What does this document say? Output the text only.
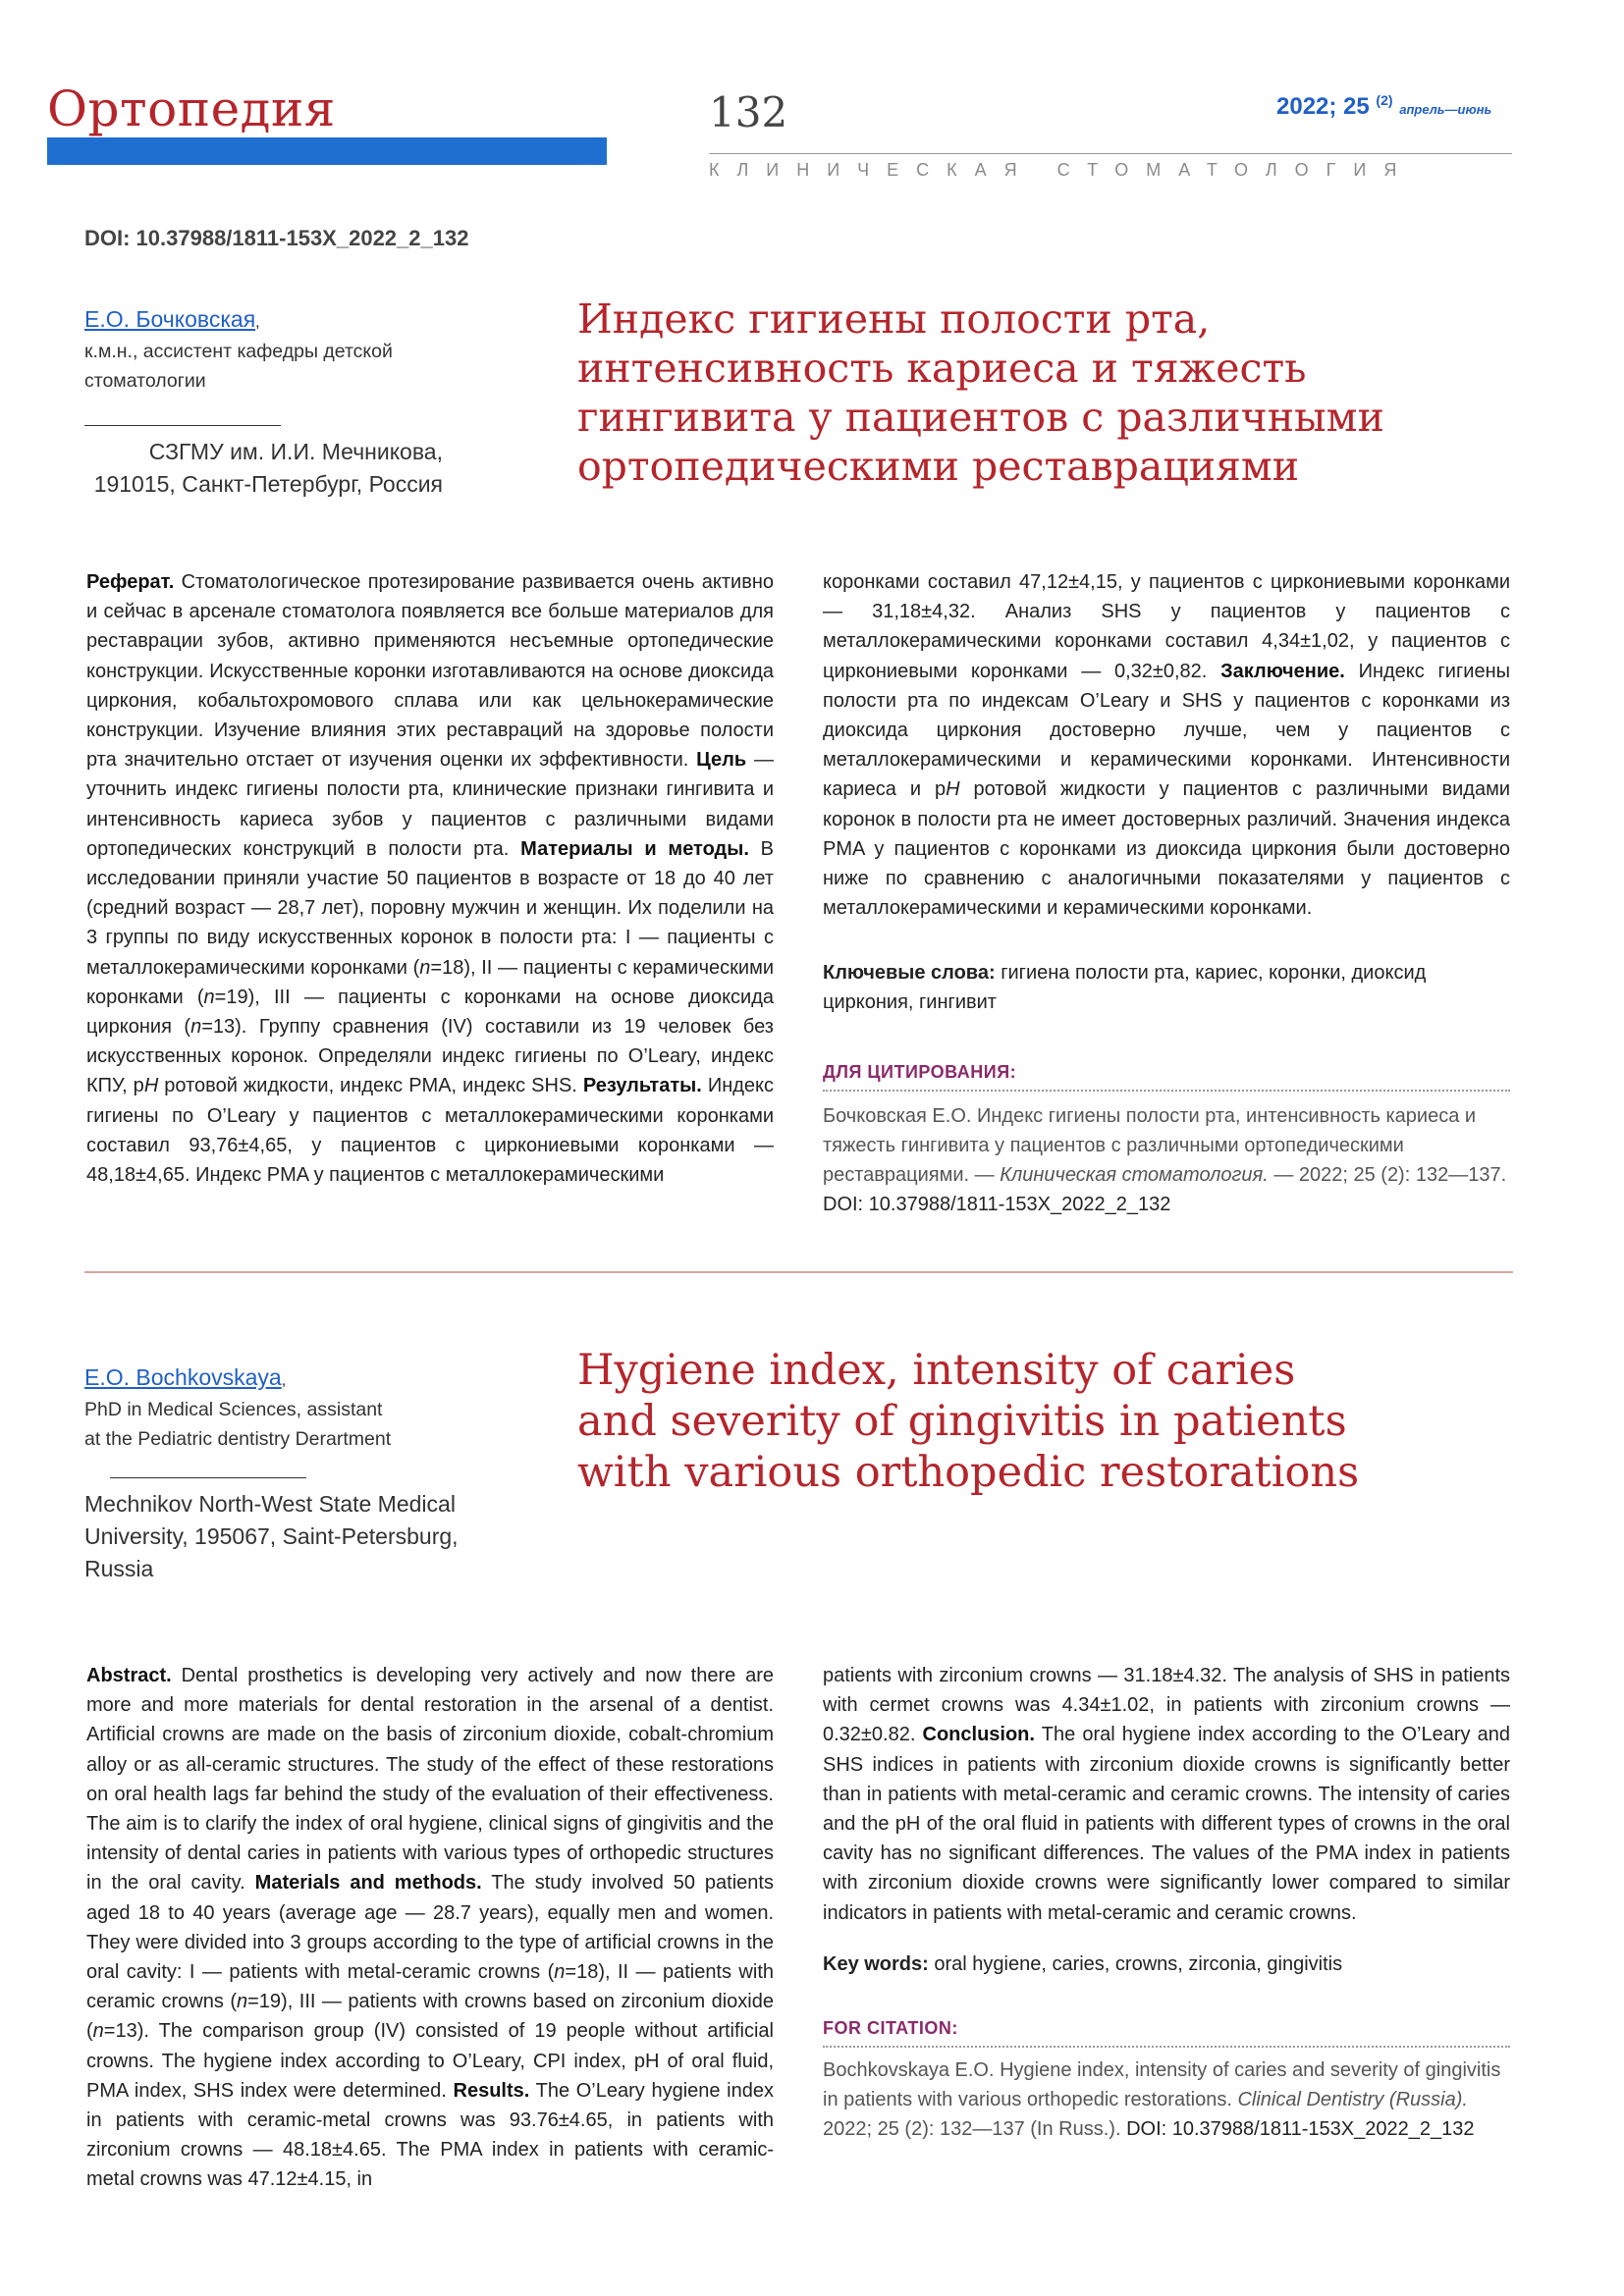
Ортопедия	132	2022; 25 $^{(2)}$ апрель—июнь
КЛИНИЧЕСКАЯ СТОМАТОЛОГИЯ
DOI: 10.37988/1811-153X_2022_2_132
Е.О. Бочковская,
к.м.н., ассистент кафедры детской
стоматологии
СЗГМУ им. И.И. Мечникова,
191015, Санкт-Петербург, Россия
Индекс гигиены полости рта,
интенсивность кариеса и тяжесть
гингивита у пациентов с различными
ортопедическими реставрациями
Реферат. Стоматологическое протезирование развивается очень активно и сейчас в арсенале стоматолога появляется все больше материалов для реставрации зубов, активно применяются несъемные ортопедические конструкции. Искусственные коронки изготавливаются на основе диоксида циркония, кобальтохромового сплава или как цельнокерамические конструкции. Изучение влияния этих реставраций на здоровье полости рта значительно отстает от изучения оценки их эффективности. Цель — уточнить индекс гигиены полости рта, клинические признаки гингивита и интенсивность кариеса зубов у пациентов с различными видами ортопедических конструкций в полости рта. Материалы и методы. В исследовании приняли участие 50 пациентов в возрасте от 18 до 40 лет (средний возраст — 28,7 лет), поровну мужчин и женщин. Их поделили на 3 группы по виду искусственных коронок в полости рта: I — пациенты с металлокерамическими коронками (n=18), II — пациенты с керамическими коронками (n=19), III — пациенты с коронками на основе диоксида циркония (n=13). Группу сравнения (IV) составили из 19 человек без искусственных коронок. Определяли индекс гигиены по O’Leary, индекс КПУ, рH ротовой жидкости, индекс PMA, индекс SHS. Результаты. Индекс гигиены по O’Leary у пациентов с металлокерамическими коронками составил 93,76±4,65, у пациентов с циркониевыми коронками — 48,18±4,65. Индекс PMA у пациентов с металлокерамическими
коронками составил 47,12±4,15, у пациентов с циркониевыми коронками — 31,18±4,32. Анализ SHS у пациентов у пациентов с металлокерамическими коронками составил 4,34±1,02, у пациентов с циркониевыми коронками — 0,32±0,82. Заключение. Индекс гигиены полости рта по индексам O’Leary и SHS у пациентов с коронками из диоксида циркония достоверно лучше, чем у пациентов с металлокерамическими и керамическими коронками. Интенсивности кариеса и рH ротовой жидкости у пациентов с различными видами коронок в полости рта не имеет достоверных различий. Значения индекса PMA у пациентов с коронками из диоксида циркония были достоверно ниже по сравнению с аналогичными показателями у пациентов с металлокерамическими и керамическими коронками.
Ключевые слова: гигиена полости рта, кариес, коронки, диоксид циркония, гингивит
ДЛЯ ЦИТИРОВАНИЯ:
Бочковская Е.О. Индекс гигиены полости рта, интенсивность кариеса и тяжесть гингивита у пациентов с различными ортопедическими реставрациями. — Клиническая стоматология. — 2022; 25 (2): 132—137. DOI: 10.37988/1811-153X_2022_2_132
E.O. Bochkovskaya,
PhD in Medical Sciences, assistant
at the Pediatric dentistry Derartment
Mechnikov North-West State Medical
University, 195067, Saint-Petersburg,
Russia
Hygiene index, intensity of caries
and severity of gingivitis in patients
with various orthopedic restorations
Abstract. Dental prosthetics is developing very actively and now there are more and more materials for dental restoration in the arsenal of a dentist. Artificial crowns are made on the basis of zirconium dioxide, cobalt-chromium alloy or as all-ceramic structures. The study of the effect of these restorations on oral health lags far behind the study of the evaluation of their effectiveness. The aim is to clarify the index of oral hygiene, clinical signs of gingivitis and the intensity of dental caries in patients with various types of orthopedic structures in the oral cavity. Materials and methods. The study involved 50 patients aged 18 to 40 years (average age — 28.7 years), equally men and women. They were divided into 3 groups according to the type of artificial crowns in the oral cavity: I — patients with metal-ceramic crowns (n=18), II — patients with ceramic crowns (n=19), III — patients with crowns based on zirconium dioxide (n=13). The comparison group (IV) consisted of 19 people without artificial crowns. The hygiene index according to O’Leary, CPI index, pH of oral fluid, PMA index, SHS index were determined. Results. The O’Leary hygiene index in patients with ceramic-metal crowns was 93.76±4.65, in patients with zirconium crowns — 48.18±4.65. The PMA index in patients with ceramic-metal crowns was 47.12±4.15, in
patients with zirconium crowns — 31.18±4.32. The analysis of SHS in patients with cermet crowns was 4.34±1.02, in patients with zirconium crowns — 0.32±0.82. Conclusion. The oral hygiene index according to the O’Leary and SHS indices in patients with zirconium dioxide crowns is significantly better than in patients with metal-ceramic and ceramic crowns. The intensity of caries and the pH of the oral fluid in patients with different types of crowns in the oral cavity has no significant differences. The values of the PMA index in patients with zirconium dioxide crowns were significantly lower compared to similar indicators in patients with metal-ceramic and ceramic crowns.
Key words: oral hygiene, caries, crowns, zirconia, gingivitis
FOR CITATION:
Bochkovskaya E.O. Hygiene index, intensity of caries and severity of gingivitis in patients with various orthopedic restorations. Clinical Dentistry (Russia). 2022; 25 (2): 132—137 (In Russ.). DOI: 10.37988/1811-153X_2022_2_132
